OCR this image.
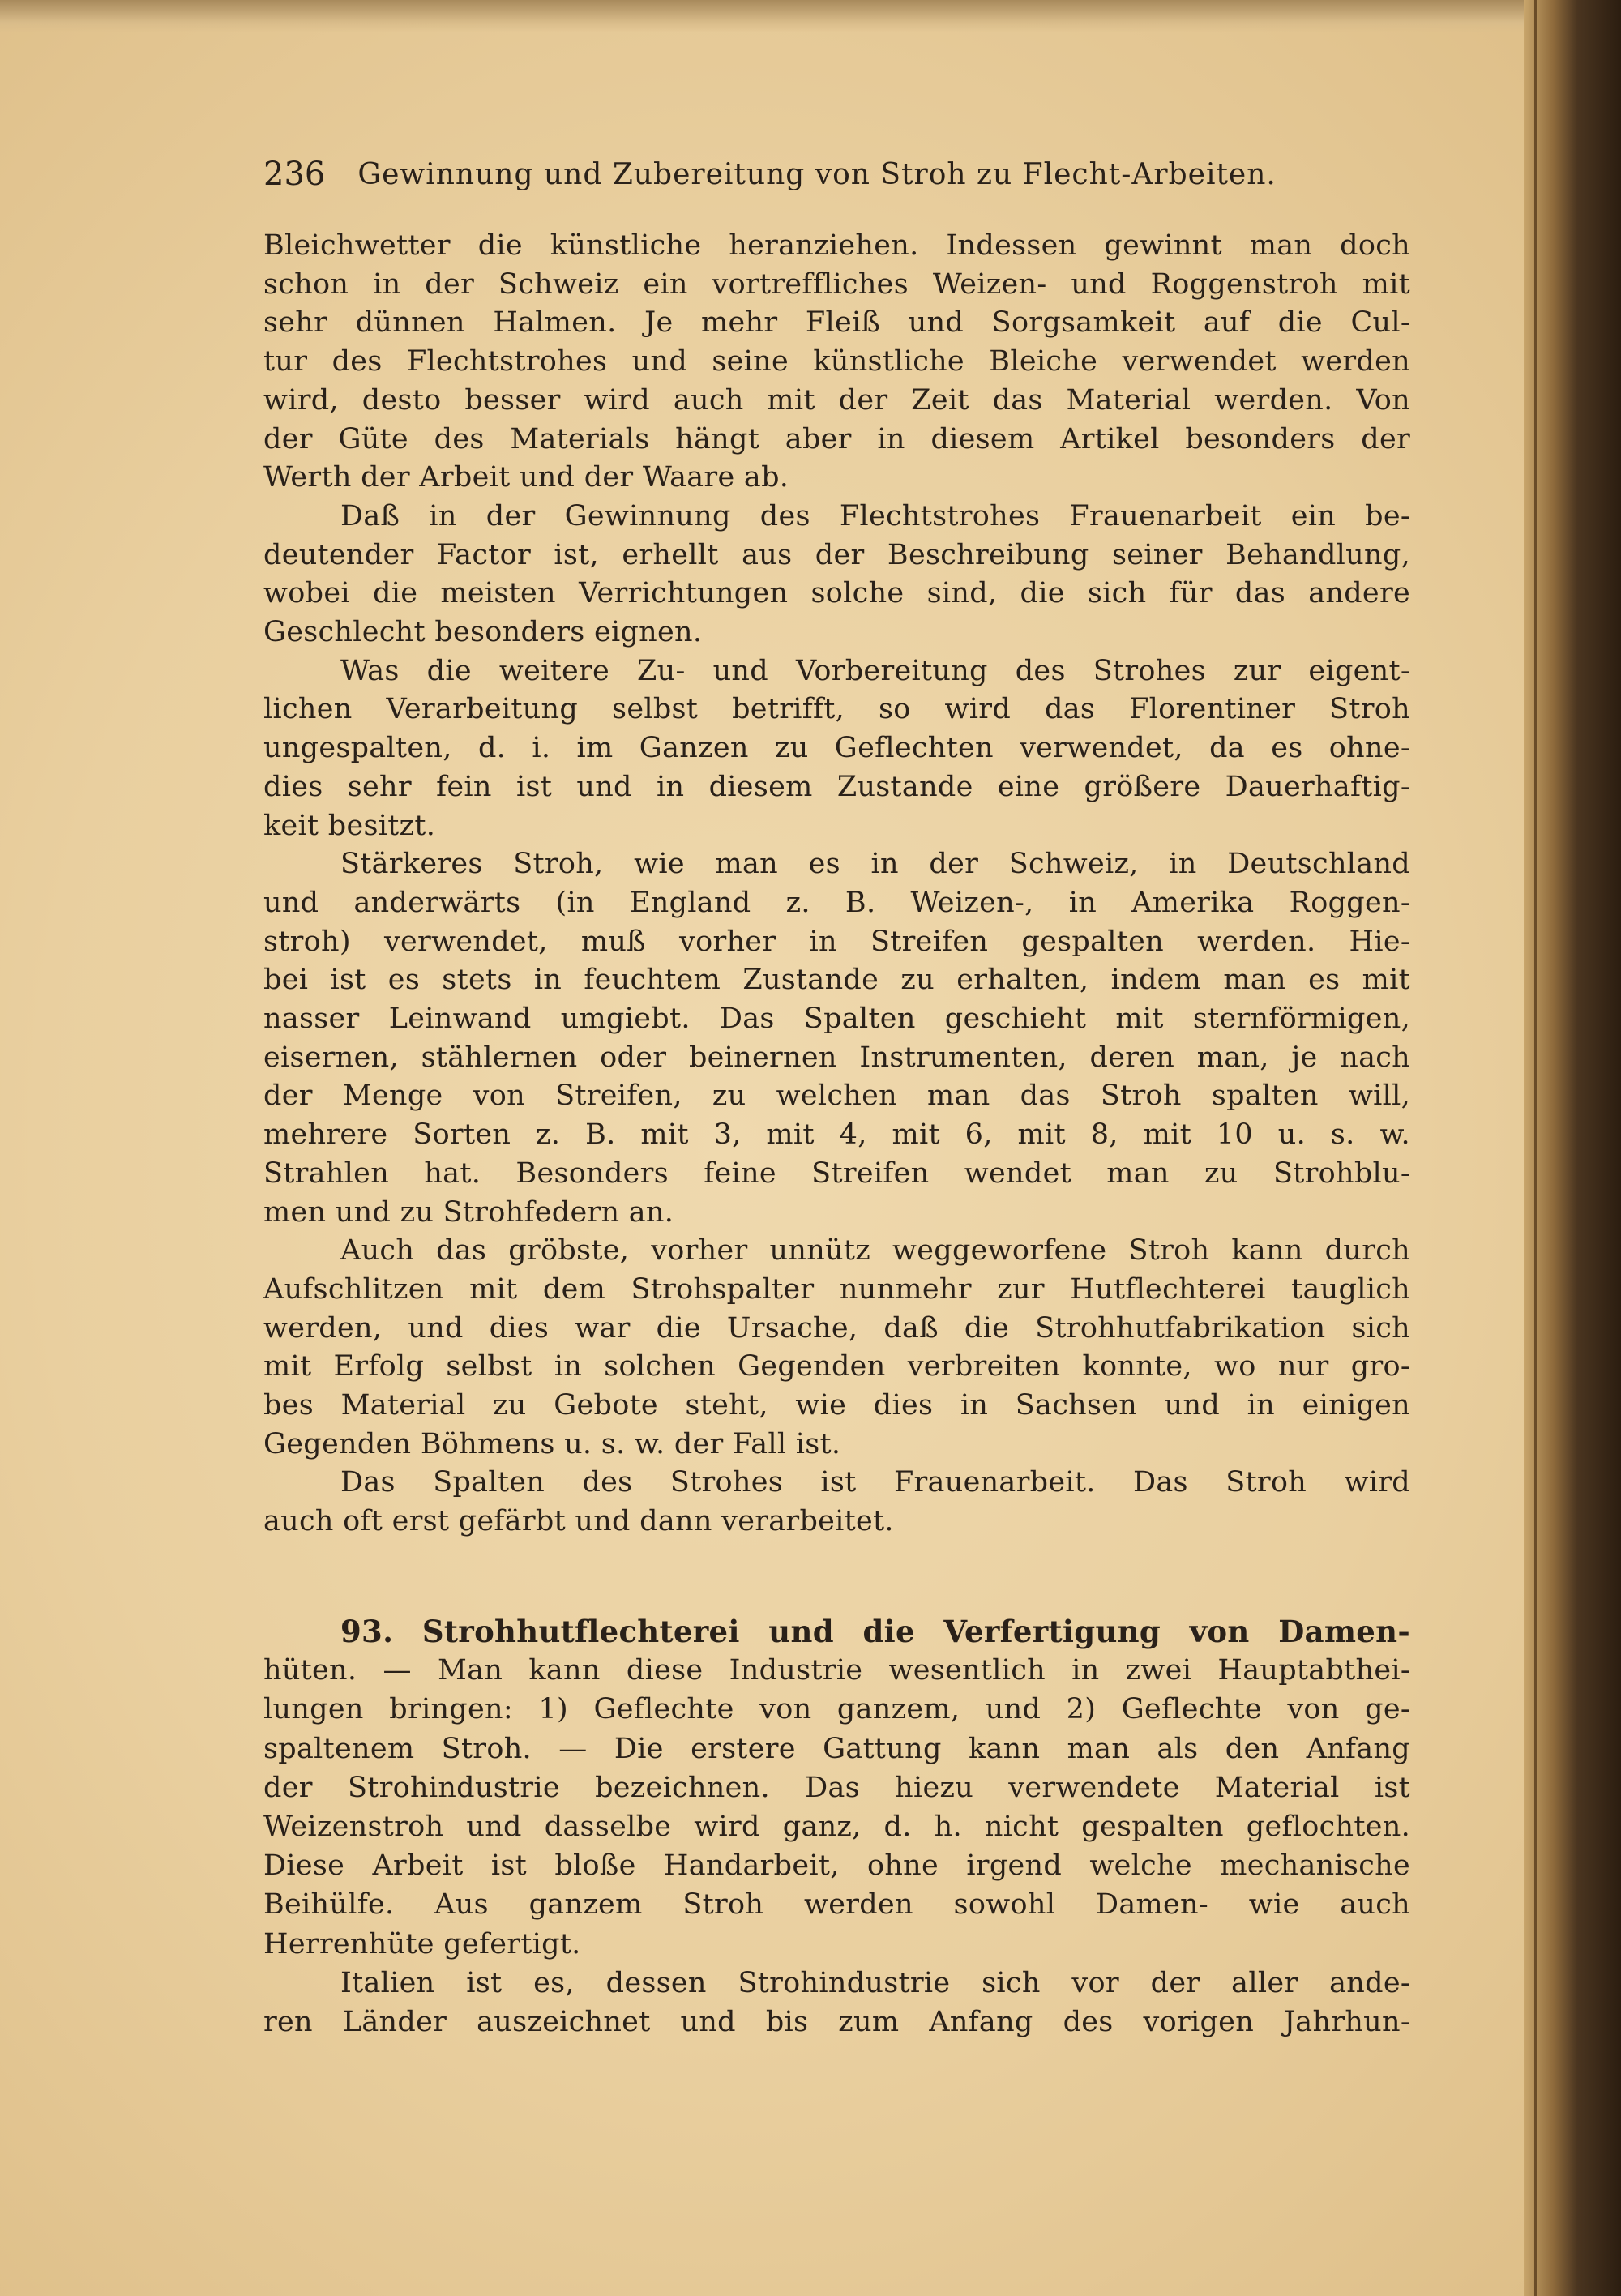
236 Gewinnung und Zubereitung von Stroh zu Flecht-Arbeiten.
Bleichwetter die künstliche heranziehen. Indessen gewinnt man doch
schon in der Schweiz ein vortreffliches Weizen- und Roggenstroh mit
sehr dünnen Halmen. Je mehr Fleiß und Sorgsamkeit auf die Cul-
tur des Flechtstrohes und seine künstliche Bleiche verwendet werden
wird, desto besser wird auch mit der Zeit das Material werden. Von
der Güte des Materials hängt aber in diesem Artikel besonders der
Werth der Arbeit und der Waare ab.
Daß in der Gewinnung des Flechtstrohes Frauenarbeit ein be-
deutender Factor ist, erhellt aus der Beschreibung seiner Behandlung,
wobei die meisten Verrichtungen solche sind, die sich für das andere
Geschlecht besonders eignen.
Was die weitere Zu- und Vorbereitung des Strohes zur eigent-
lichen Verarbeitung selbst betrifft, so wird das Florentiner Stroh
ungespalten, d. i. im Ganzen zu Geflechten verwendet, da es ohne-
dies sehr fein ist und in diesem Zustande eine größere Dauerhaftig-
keit besitzt.
Stärkeres Stroh, wie man es in der Schweiz, in Deutschland
und anderwärts (in England z. B. Weizen-, in Amerika Roggen-
stroh) verwendet, muß vorher in Streifen gespalten werden. Hie-
bei ist es stets in feuchtem Zustande zu erhalten, indem man es mit
nasser Leinwand umgiebt. Das Spalten geschieht mit sternförmigen,
eisernen, stählernen oder beinernen Instrumenten, deren man, je nach
der Menge von Streifen, zu welchen man das Stroh spalten will,
mehrere Sorten z. B. mit 3, mit 4, mit 6, mit 8, mit 10 u. s. w.
Strahlen hat. Besonders feine Streifen wendet man zu Strohblu-
men und zu Strohfedern an.
Auch das gröbste, vorher unnütz weggeworfene Stroh kann durch
Aufschlitzen mit dem Strohspalter nunmehr zur Hutflechterei tauglich
werden, und dies war die Ursache, daß die Strohhutfabrikation sich
mit Erfolg selbst in solchen Gegenden verbreiten konnte, wo nur gro-
bes Material zu Gebote steht, wie dies in Sachsen und in einigen
Gegenden Böhmens u. s. w. der Fall ist.
Das Spalten des Strohes ist Frauenarbeit. Das Stroh wird
auch oft erst gefärbt und dann verarbeitet.
93. Strohhutflechterei und die Verfertigung von Damen-
hüten. — Man kann diese Industrie wesentlich in zwei Hauptabthei-
lungen bringen: 1) Geflechte von ganzem, und 2) Geflechte von ge-
spaltenem Stroh. — Die erstere Gattung kann man als den Anfang
der Strohindustrie bezeichnen. Das hiezu verwendete Material ist
Weizenstroh und dasselbe wird ganz, d. h. nicht gespalten geflochten.
Diese Arbeit ist bloße Handarbeit, ohne irgend welche mechanische
Beihülfe. Aus ganzem Stroh werden sowohl Damen- wie auch
Herrenhüte gefertigt.
Italien ist es, dessen Strohindustrie sich vor der aller ande-
ren Länder auszeichnet und bis zum Anfang des vorigen Jahrhun-
